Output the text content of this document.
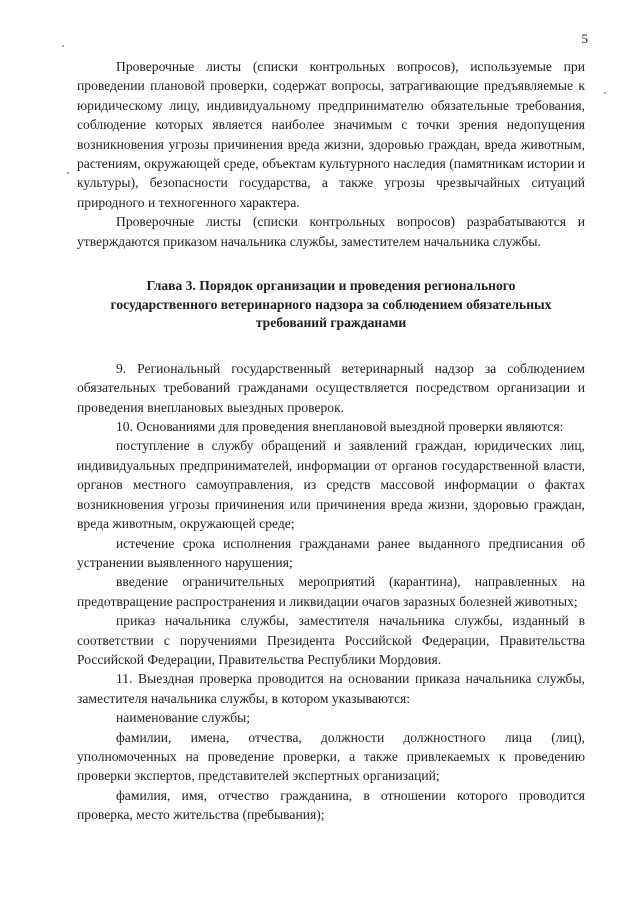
5

Проверочные листы (списки контрольных вопросов), используемые при проведении плановой проверки, содержат вопросы, затрагивающие предъявляемые к юридическому лицу, индивидуальному предпринимателю обязательные требования, соблюдение которых является наиболее значимым с точки зрения недопущения возникновения угрозы причинения вреда жизни, здоровью граждан, вреда животным, растениям, окружающей среде, объектам культурного наследия (памятникам истории и культуры), безопасности государства, а также угрозы чрезвычайных ситуаций природного и техногенного характера.

Проверочные листы (списки контрольных вопросов) разрабатываются и утверждаются приказом начальника службы, заместителем начальника службы.

Глава 3. Порядок организации и проведения регионального
государственного ветеринарного надзора за соблюдением обязательных
требований гражданами

9. Региональный государственный ветеринарный надзор за соблюдением обязательных требований гражданами осуществляется посредством организации и проведения внеплановых выездных проверок.

10. Основаниями для проведения внеплановой выездной проверки являются:

поступление в службу обращений и заявлений граждан, юридических лиц, индивидуальных предпринимателей, информации от органов государственной власти, органов местного самоуправления, из средств массовой информации о фактах возникновения угрозы причинения или причинения вреда жизни, здоровью граждан, вреда животным, окружающей среде;

истечение срока исполнения гражданами ранее выданного предписания об устранении выявленного нарушения;

введение ограничительных мероприятий (карантина), направленных на предотвращение распространения и ликвидации очагов заразных болезней животных;

приказ начальника службы, заместителя начальника службы, изданный в соответствии с поручениями Президента Российской Федерации, Правительства Российской Федерации, Правительства Республики Мордовия.

11. Выездная проверка проводится на основании приказа начальника службы, заместителя начальника службы, в котором указываются:

наименование службы;

фамилии, имена, отчества, должности должностного лица (лиц), уполномоченных на проведение проверки, а также привлекаемых к проведению проверки экспертов, представителей экспертных организаций;

фамилия, имя, отчество гражданина, в отношении которого проводится проверка, место жительства (пребывания);
